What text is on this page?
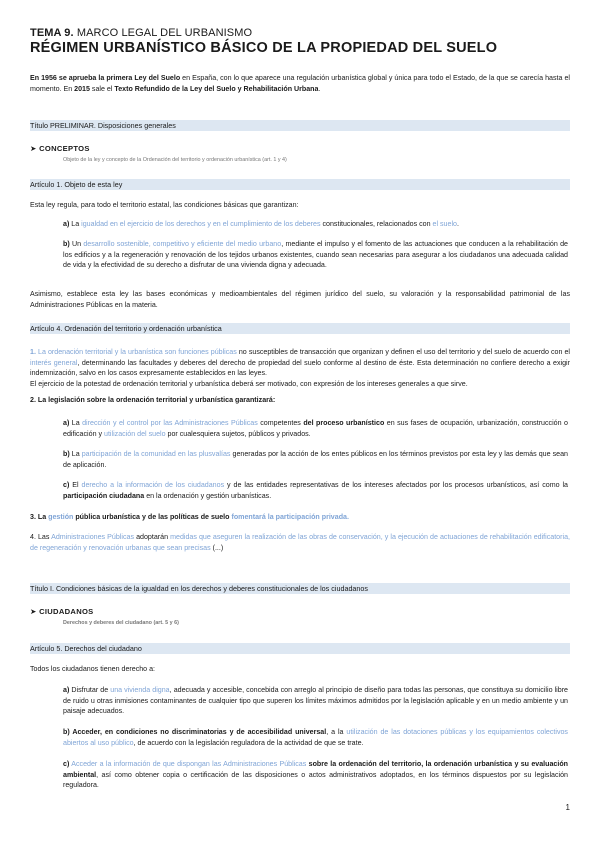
TEMA 9. MARCO LEGAL DEL URBANISMO
RÉGIMEN URBANÍSTICO BÁSICO DE LA PROPIEDAD DEL SUELO
En 1956 se aprueba la primera Ley del Suelo en España, con lo que aparece una regulación urbanística global y única para todo el Estado, de la que se carecía hasta el momento. En 2015 sale el Texto Refundido de la Ley del Suelo y Rehabilitación Urbana.
Título PRELIMINAR. Disposiciones generales
➤ CONCEPTOS
Objeto de la ley y concepto de la Ordenación del territorio y ordenación urbanística (art. 1 y 4)
Artículo 1. Objeto de esta ley
Esta ley regula, para todo el territorio estatal, las condiciones básicas que garantizan:
a) La igualdad en el ejercicio de los derechos y en el cumplimiento de los deberes constitucionales, relacionados con el suelo.
b) Un desarrollo sostenible, competitivo y eficiente del medio urbano, mediante el impulso y el fomento de las actuaciones que conducen a la rehabilitación de los edificios y a la regeneración y renovación de los tejidos urbanos existentes, cuando sean necesarias para asegurar a los ciudadanos una adecuada calidad de vida y la efectividad de su derecho a disfrutar de una vivienda digna y adecuada.
Asimismo, establece esta ley las bases económicas y medioambientales del régimen jurídico del suelo, su valoración y la responsabilidad patrimonial de las Administraciones Públicas en la materia.
Artículo 4. Ordenación del territorio y ordenación urbanística
1. La ordenación territorial y la urbanística son funciones públicas no susceptibles de transacción que organizan y definen el uso del territorio y del suelo de acuerdo con el interés general, determinando las facultades y deberes del derecho de propiedad del suelo conforme al destino de éste. Esta determinación no confiere derecho a exigir indemnización, salvo en los casos expresamente establecidos en las leyes.
El ejercicio de la potestad de ordenación territorial y urbanística deberá ser motivado, con expresión de los intereses generales a que sirve.
2. La legislación sobre la ordenación territorial y urbanística garantizará:
a) La dirección y el control por las Administraciones Públicas competentes del proceso urbanístico en sus fases de ocupación, urbanización, construcción o edificación y utilización del suelo por cualesquiera sujetos, públicos y privados.
b) La participación de la comunidad en las plusvalías generadas por la acción de los entes públicos en los términos previstos por esta ley y las demás que sean de aplicación.
c) El derecho a la información de los ciudadanos y de las entidades representativas de los intereses afectados por los procesos urbanísticos, así como la participación ciudadana en la ordenación y gestión urbanísticas.
3. La gestión pública urbanística y de las políticas de suelo fomentará la participación privada.
4. Las Administraciones Públicas adoptarán medidas que aseguren la realización de las obras de conservación, y la ejecución de actuaciones de rehabilitación edificatoria, de regeneración y renovación urbanas que sean precisas (...)
Título I. Condiciones básicas de la igualdad en los derechos y deberes constitucionales de los ciudadanos
➤ CIUDADANOS
Derechos y deberes del ciudadano (art. 5 y 6)
Artículo 5. Derechos del ciudadano
Todos los ciudadanos tienen derecho a:
a) Disfrutar de una vivienda digna, adecuada y accesible, concebida con arreglo al principio de diseño para todas las personas, que constituya su domicilio libre de ruido u otras inmisiones contaminantes de cualquier tipo que superen los límites máximos admitidos por la legislación aplicable y en un medio ambiente y un paisaje adecuados.
b) Acceder, en condiciones no discriminatorias y de accesibilidad universal, a la utilización de las dotaciones públicas y los equipamientos colectivos abiertos al uso público, de acuerdo con la legislación reguladora de la actividad de que se trate.
c) Acceder a la información de que dispongan las Administraciones Públicas sobre la ordenación del territorio, la ordenación urbanística y su evaluación ambiental, así como obtener copia o certificación de las disposiciones o actos administrativos adoptados, en los términos dispuestos por su legislación reguladora.
1
